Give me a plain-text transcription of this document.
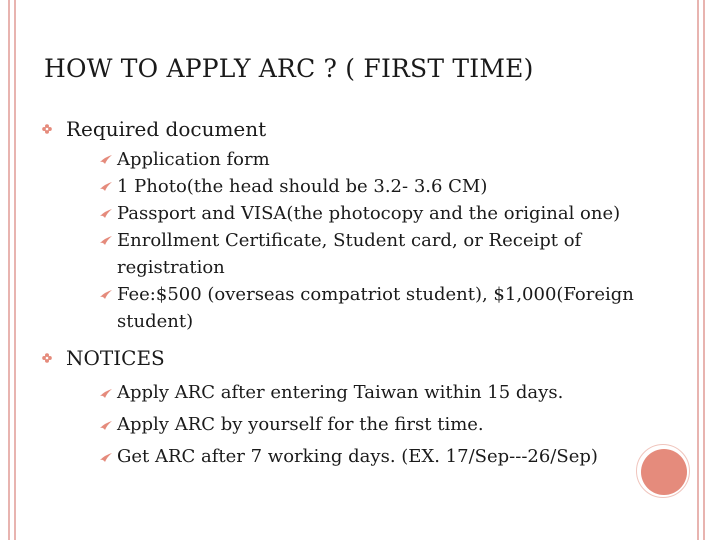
HOW TO APPLY ARC ? ( FIRST TIME)
Required document
Application form
1 Photo(the head should be 3.2- 3.6 CM)
Passport and VISA(the photocopy and the original one)
Enrollment Certificate, Student card, or Receipt of registration
Fee:$500 (overseas compatriot student), $1,000(Foreign student)
NOTICES
Apply ARC after entering Taiwan within 15 days.
Apply ARC by yourself for the first time.
Get ARC after 7 working days. (EX. 17/Sep---26/Sep)
